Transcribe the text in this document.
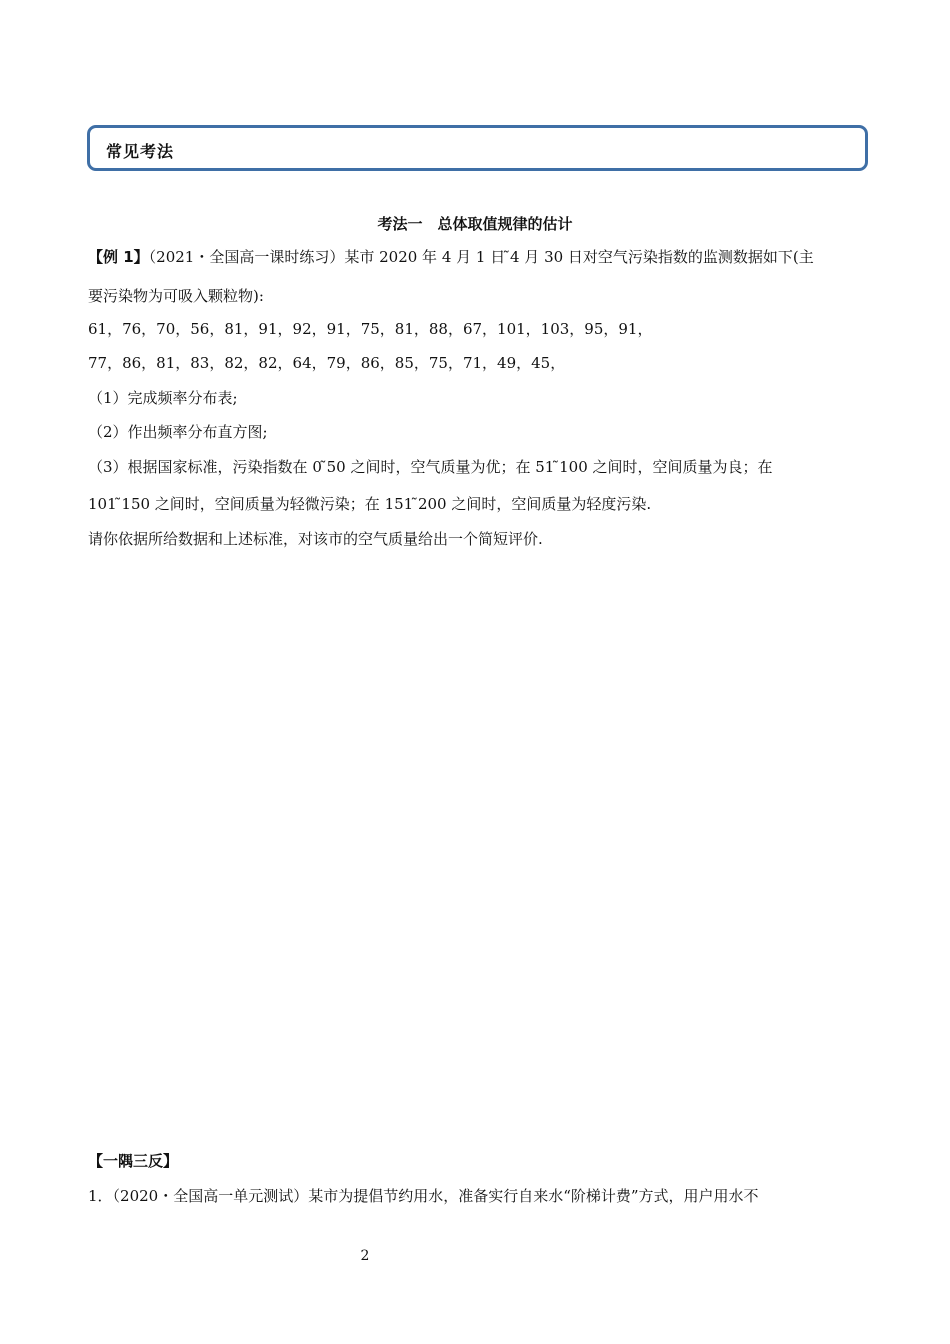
常见考法
考法一　总体取值规律的估计
【例 1】（2021・全国高一课时练习）某市 2020 年 4 月 1 日 ̃4 月 30 日对空气污染指数的监测数据如下(主
要污染物为可吸入颗粒物):
61，76，70，56，81，91，92，91，75，81，88，67，101，103，95，91，
77，86，81，83，82，82，64，79，86，85，75，71，49，45，
（1）完成频率分布表;
（2）作出频率分布直方图;
（3）根据国家标准，污染指数在 0 ̃50 之间时，空气质量为优；在 51 ̃100 之间时，空间质量为良；在
101 ̃150 之间时，空间质量为轻微污染；在 151 ̃200 之间时，空间质量为轻度污染.
请你依据所给数据和上述标准，对该市的空气质量给出一个简短评价.
【一隅三反】
1．（2020・全国高一单元测试）某市为提倡节约用水，准备实行自来水“阶梯计费”方式，用户用水不
2
